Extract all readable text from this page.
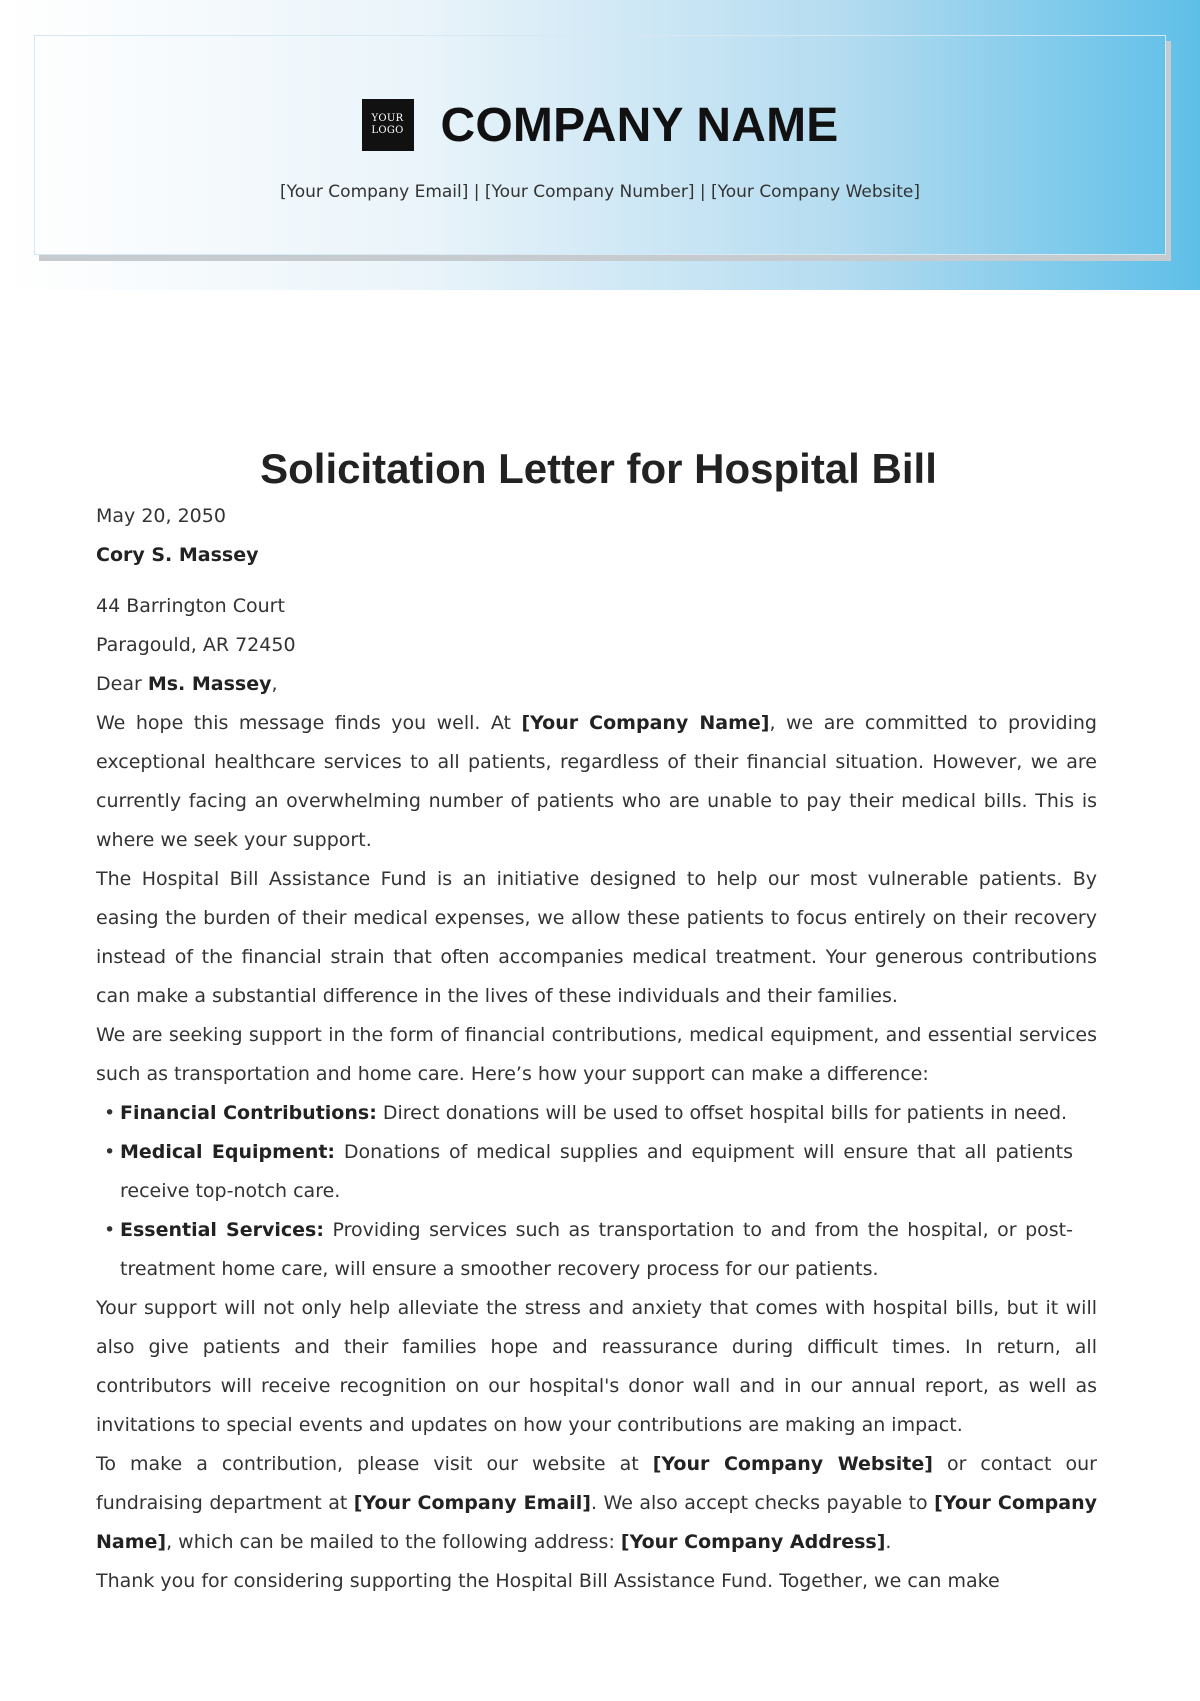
YOUR
LOGO COMPANY NAME
[Your Company Email] | [Your Company Number] | [Your Company Website]
Solicitation Letter for Hospital Bill

May 20, 2050

Cory S. Massey

44 Barrington Court

Paragould, AR 72450

Dear Ms. Massey,

We hope this message finds you well. At [Your Company Name], we are committed to providing exceptional healthcare services to all patients, regardless of their financial situation. However, we are currently facing an overwhelming number of patients who are unable to pay their medical bills. This is where we seek your support.

The Hospital Bill Assistance Fund is an initiative designed to help our most vulnerable patients. By easing the burden of their medical expenses, we allow these patients to focus entirely on their recovery instead of the financial strain that often accompanies medical treatment. Your generous contributions can make a substantial difference in the lives of these individuals and their families.

We are seeking support in the form of financial contributions, medical equipment, and essential services such as transportation and home care. Here’s how your support can make a difference:

• Financial Contributions: Direct donations will be used to offset hospital bills for patients in need.
• Medical Equipment: Donations of medical supplies and equipment will ensure that all patients receive top-notch care.
• Essential Services: Providing services such as transportation to and from the hospital, or post-treatment home care, will ensure a smoother recovery process for our patients.

Your support will not only help alleviate the stress and anxiety that comes with hospital bills, but it will also give patients and their families hope and reassurance during difficult times. In return, all contributors will receive recognition on our hospital's donor wall and in our annual report, as well as invitations to special events and updates on how your contributions are making an impact.

To make a contribution, please visit our website at [Your Company Website] or contact our fundraising department at [Your Company Email]. We also accept checks payable to [Your Company Name], which can be mailed to the following address: [Your Company Address].

Thank you for considering supporting the Hospital Bill Assistance Fund. Together, we can make
